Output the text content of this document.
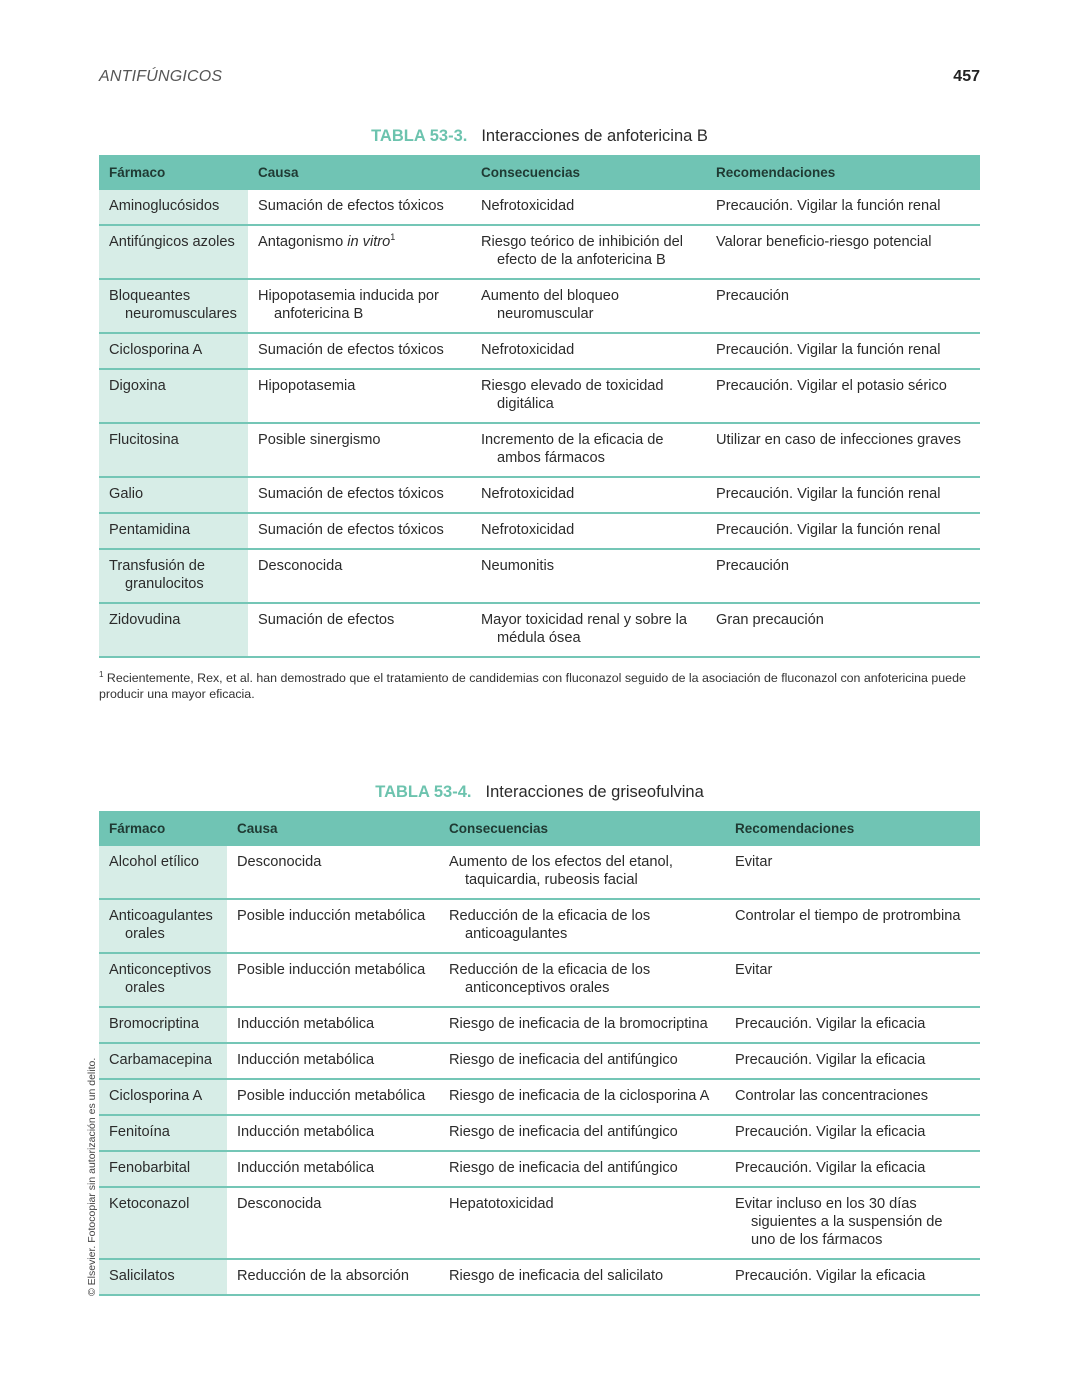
ANTIFÚNGICOS	457
TABLA 53-3. Interacciones de anfotericina B
Fármaco	Causa	Consecuencias	Recomendaciones

Aminoglucósidos	Sumación de efectos tóxicos	Nefrotoxicidad	Precaución. Vigilar la función renal

Antifúngicos azoles	Antagonismo in vitro$^1$	Riesgo teórico de inhibición del efecto de la anfotericina B	Valorar beneficio-riesgo potencial

Bloqueantes neuromusculares	Hipopotasemia inducida por anfotericina B	Aumento del bloqueo neuromuscular	Precaución

Ciclosporina A	Sumación de efectos tóxicos	Nefrotoxicidad	Precaución. Vigilar la función renal

Digoxina	Hipopotasemia	Riesgo elevado de toxicidad digitálica	Precaución. Vigilar el potasio sérico

Flucitosina	Posible sinergismo	Incremento de la eficacia de ambos fármacos	Utilizar en caso de infecciones graves

Galio	Sumación de efectos tóxicos	Nefrotoxicidad	Precaución. Vigilar la función renal

Pentamidina	Sumación de efectos tóxicos	Nefrotoxicidad	Precaución. Vigilar la función renal

Transfusión de granulocitos	Desconocida	Neumonitis	Precaución

Zidovudina	Sumación de efectos	Mayor toxicidad renal y sobre la médula ósea	Gran precaución
$^1$ Recientemente, Rex, et al. han demostrado que el tratamiento de candidemias con fluconazol seguido de la asociación de fluconazol con anfotericina puede producir una mayor eficacia.
TABLA 53-4. Interacciones de griseofulvina
Fármaco	Causa	Consecuencias	Recomendaciones

Alcohol etílico	Desconocida	Aumento de los efectos del etanol, taquicardia, rubeosis facial	Evitar

Anticoagulantes orales	Posible inducción metabólica	Reducción de la eficacia de los anticoagulantes	Controlar el tiempo de protrombina

Anticonceptivos orales	Posible inducción metabólica	Reducción de la eficacia de los anticonceptivos orales	Evitar

Bromocriptina	Inducción metabólica	Riesgo de ineficacia de la bromocriptina	Precaución. Vigilar la eficacia

Carbamacepina	Inducción metabólica	Riesgo de ineficacia del antifúngico	Precaución. Vigilar la eficacia

Ciclosporina A	Posible inducción metabólica	Riesgo de ineficacia de la ciclosporina A	Controlar las concentraciones

Fenitoína	Inducción metabólica	Riesgo de ineficacia del antifúngico	Precaución. Vigilar la eficacia

Fenobarbital	Inducción metabólica	Riesgo de ineficacia del antifúngico	Precaución. Vigilar la eficacia

Ketoconazol	Desconocida	Hepatotoxicidad	Evitar incluso en los 30 días siguientes a la suspensión de uno de los fármacos

Salicilatos	Reducción de la absorción	Riesgo de ineficacia del salicilato	Precaución. Vigilar la eficacia
© Elsevier. Fotocopiar sin autorización es un delito.
